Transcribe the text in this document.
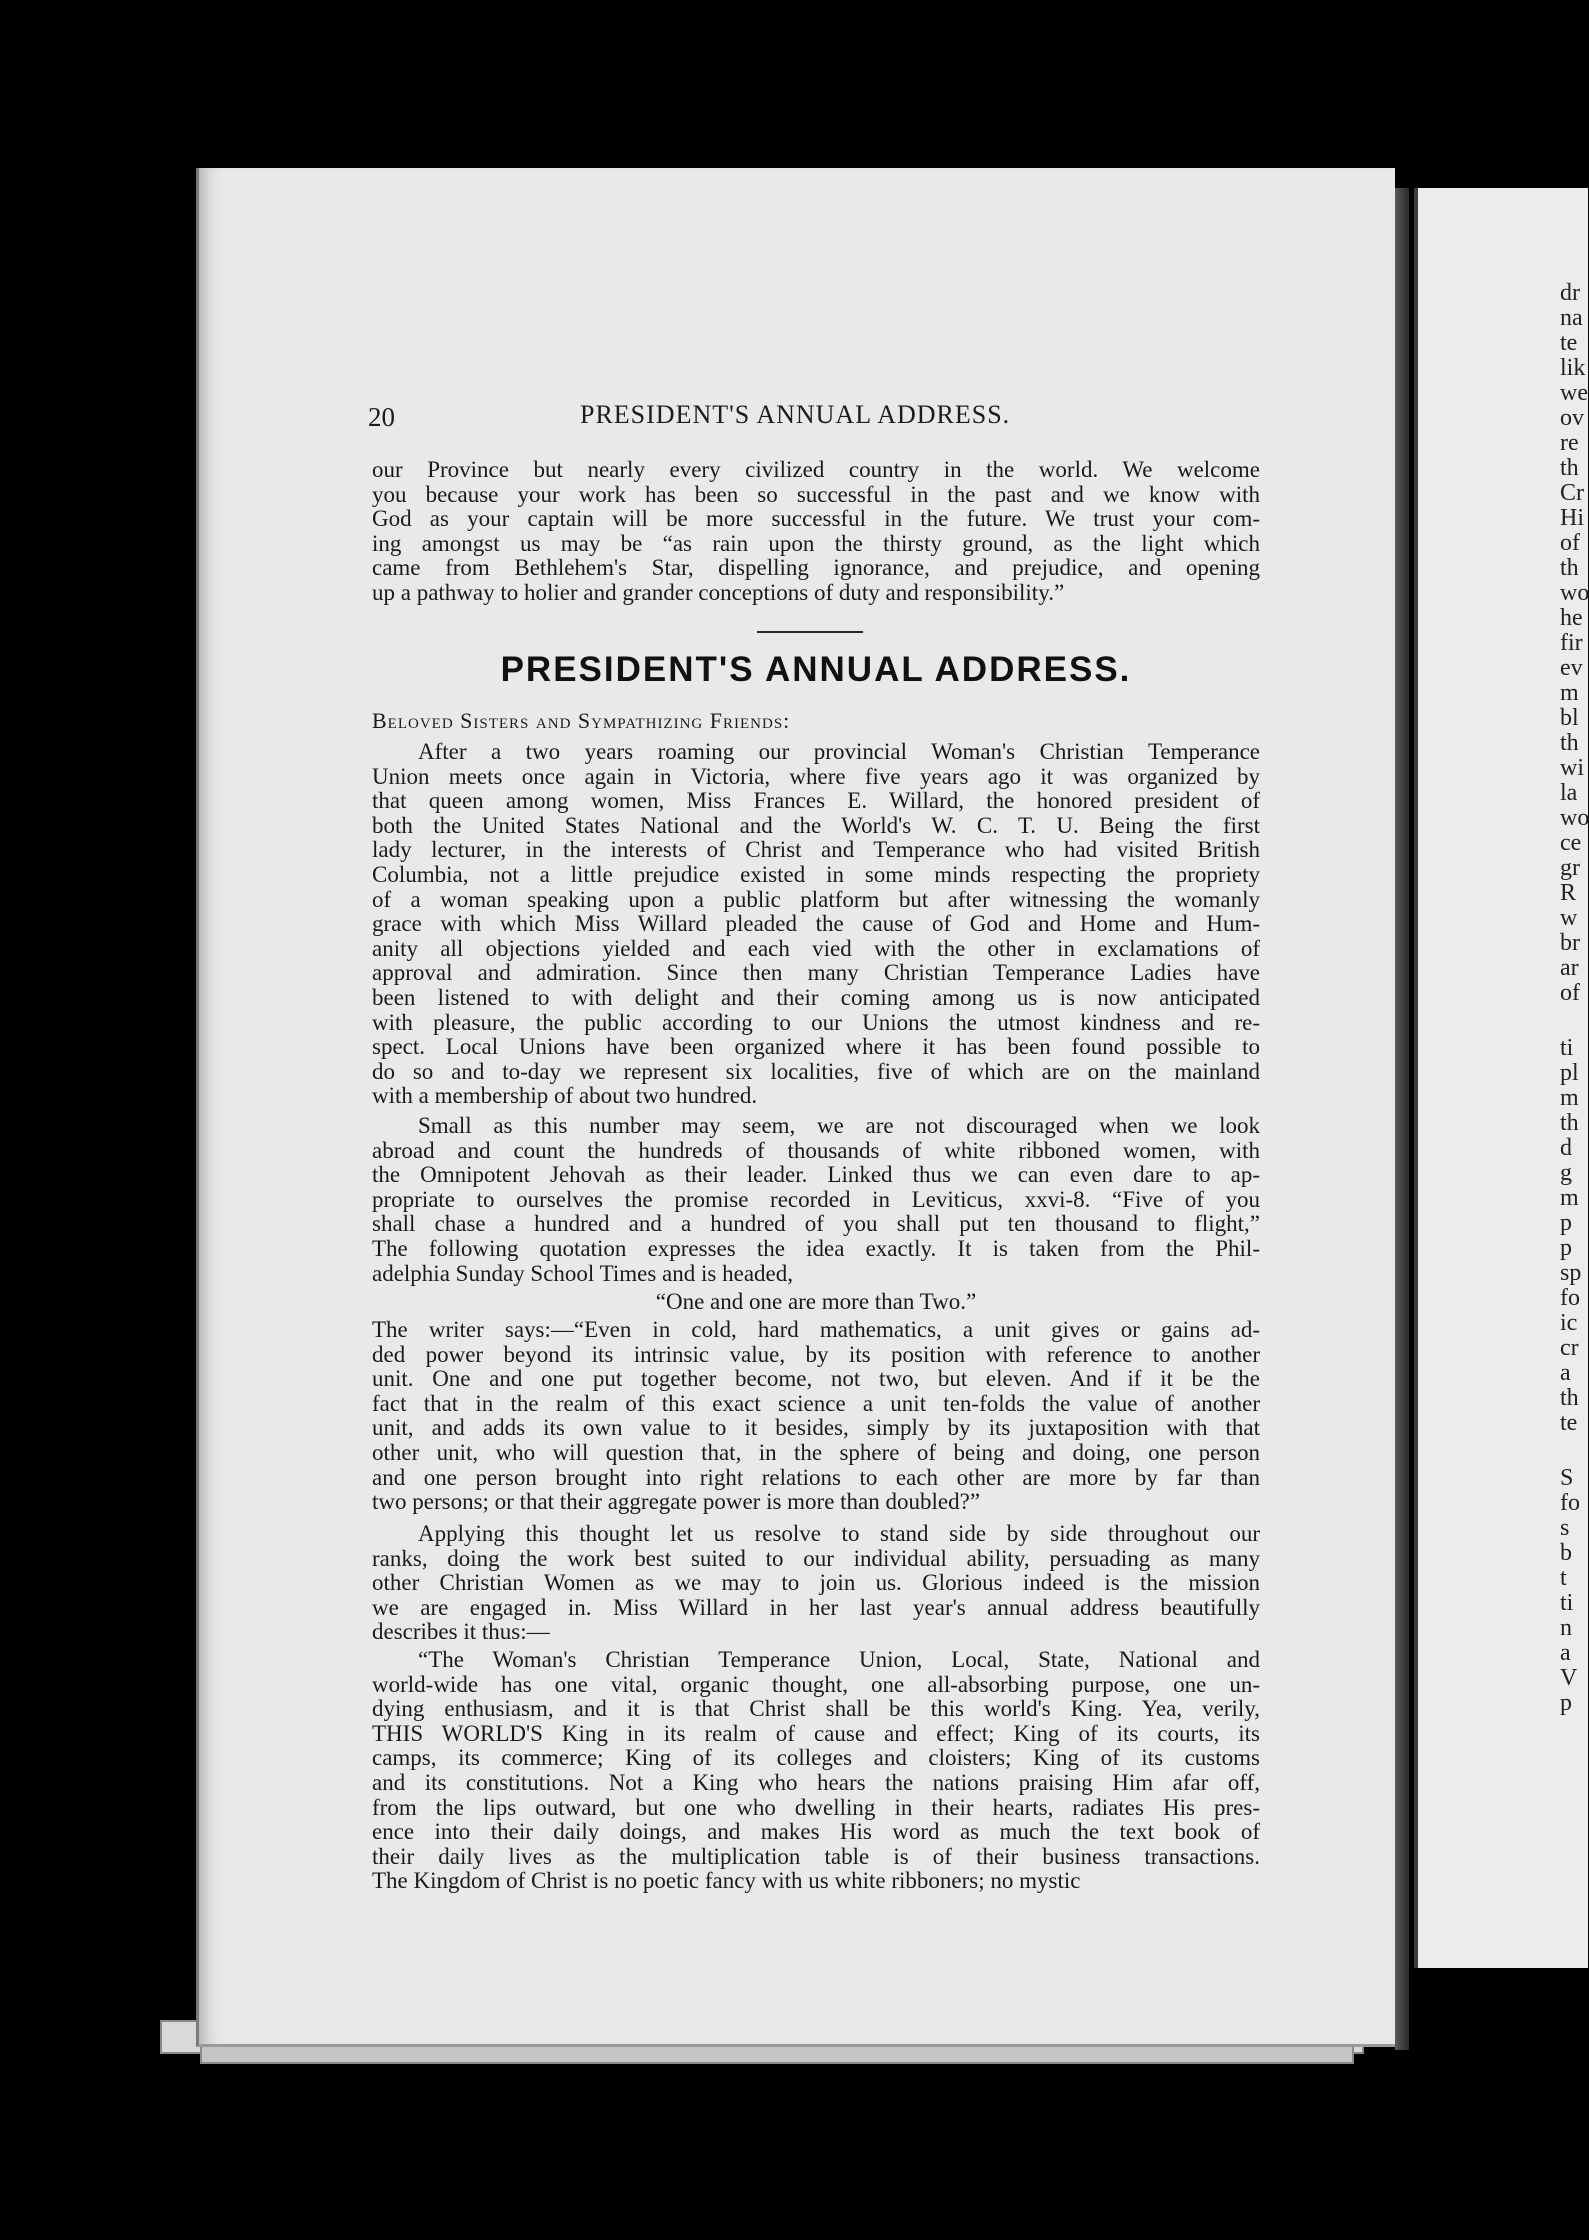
dr
na
te
lik
we
ov
re
th
Cr
Hi
of
th
wo
he
fir
ev
m
bl
th
wi
la
wo
ce
gr
R
w
br
ar
of
ti
pl
m
th
d
g
m
p
p
sp
fo
ic
cr
a
th
te
S
fo
s
b
t
ti
n
a
V
p
20	PRESIDENT'S ANNUAL ADDRESS.
our Province but nearly every civilized country in the world. We welcome
you because your work has been so successful in the past and we know with
God as your captain will be more successful in the future. We trust your com-
ing amongst us may be “as rain upon the thirsty ground, as the light which
came from Bethlehem's Star, dispelling ignorance, and prejudice, and opening
up a pathway to holier and grander conceptions of duty and responsibility.”
After a two years roaming our provincial Woman's Christian Temperance
Union meets once again in Victoria, where five years ago it was organized by
that queen among women, Miss Frances E. Willard, the honored president of
both the United States National and the World's W. C. T. U. Being the first
lady lecturer, in the interests of Christ and Temperance who had visited British
Columbia, not a little prejudice existed in some minds respecting the propriety
of a woman speaking upon a public platform but after witnessing the womanly
grace with which Miss Willard pleaded the cause of God and Home and Hum-
anity all objections yielded and each vied with the other in exclamations of
approval and admiration. Since then many Christian Temperance Ladies have
been listened to with delight and their coming among us is now anticipated
with pleasure, the public according to our Unions the utmost kindness and re-
spect. Local Unions have been organized where it has been found possible to
do so and to-day we represent six localities, five of which are on the mainland
with a membership of about two hundred.
Small as this number may seem, we are not discouraged when we look
abroad and count the hundreds of thousands of white ribboned women, with
the Omnipotent Jehovah as their leader. Linked thus we can even dare to ap-
propriate to ourselves the promise recorded in Leviticus, xxvi-8. “Five of you
shall chase a hundred and a hundred of you shall put ten thousand to flight,”
The following quotation expresses the idea exactly. It is taken from the Phil-
adelphia Sunday School Times and is headed,
“One and one are more than Two.”
The writer says:—“Even in cold, hard mathematics, a unit gives or gains ad-
ded power beyond its intrinsic value, by its position with reference to another
unit. One and one put together become, not two, but eleven. And if it be the
fact that in the realm of this exact science a unit ten-folds the value of another
unit, and adds its own value to it besides, simply by its juxtaposition with that
other unit, who will question that, in the sphere of being and doing, one person
and one person brought into right relations to each other are more by far than
two persons; or that their aggregate power is more than doubled?”
Applying this thought let us resolve to stand side by side throughout our
ranks, doing the work best suited to our individual ability, persuading as many
other Christian Women as we may to join us. Glorious indeed is the mission
we are engaged in. Miss Willard in her last year's annual address beautifully
describes it thus:—
“The Woman's Christian Temperance Union, Local, State, National and
world-wide has one vital, organic thought, one all-absorbing purpose, one un-
dying enthusiasm, and it is that Christ shall be this world's King. Yea, verily,
THIS WORLD'S King in its realm of cause and effect; King of its courts, its
camps, its commerce; King of its colleges and cloisters; King of its customs
and its constitutions. Not a King who hears the nations praising Him afar off,
from the lips outward, but one who dwelling in their hearts, radiates His pres-
ence into their daily doings, and makes His word as much the text book of
their daily lives as the multiplication table is of their business transactions.
The Kingdom of Christ is no poetic fancy with us white ribboners; no mystic
PRESIDENT'S ANNUAL ADDRESS.
Beloved Sisters and Sympathizing Friends:
